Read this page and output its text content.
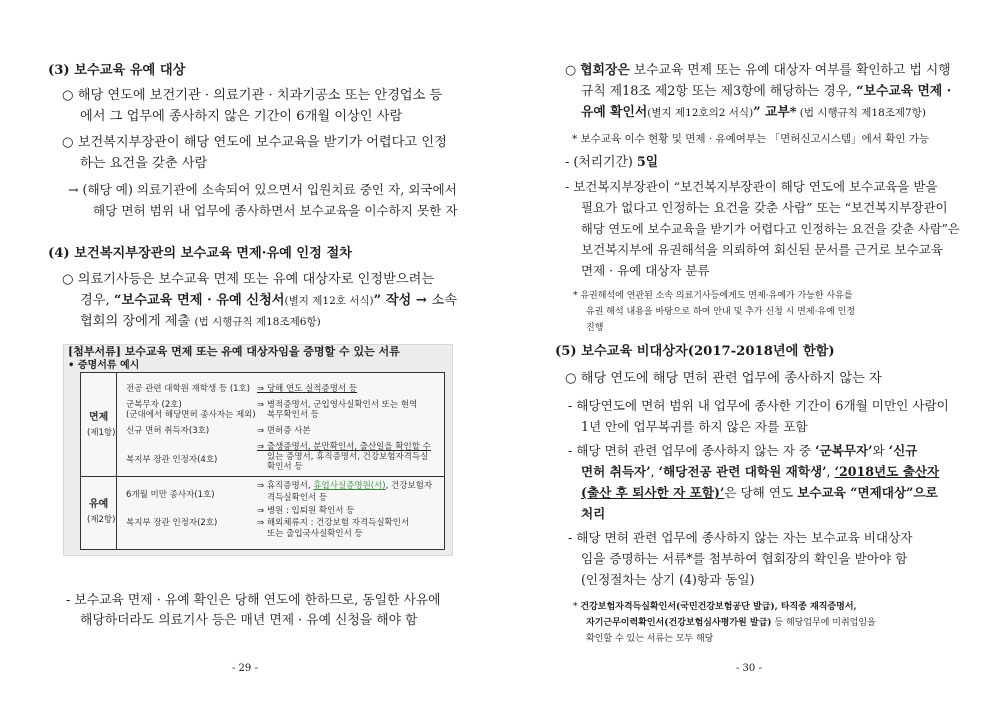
(3) 보수교육 유예 대상
○ 해당 연도에 보건기관 · 의료기관 · 치과기공소 또는 안경업소 등
에서 그 업무에 종사하지 않은 기간이 6개월 이상인 사람
○ 보건복지부장관이 해당 연도에 보수교육을 받기가 어렵다고 인정
하는 요건을 갖춘 사람
→ (해당 예) 의료기관에 소속되어 있으면서 입원치료 중인 자, 외국에서
해당 면허 범위 내 업무에 종사하면서 보수교육을 이수하지 못한 자
(4) 보건복지부장관의 보수교육 면제·유예 인정 절차
○ 의료기사등은 보수교육 면제 또는 유예 대상자로 인정받으려는
경우, “보수교육 면제 · 유예 신청서(별지 제12호 서식)” 작성 → 소속
협회의 장에게 제출 (법 시행규칙 제18조제6항)
[첨부서류] 보수교육 면제 또는 유예 대상자임을 증명할 수 있는 서류
• 증명서류 예시
면제
(제1항)
유예
(제2항)
전공 관련 대학원 재학생 등 (1호) ⇒ 당해 연도 실적증명서 등
군복무자 (2호)
(군대에서 해당면허 종사자는 제외)
⇒ 병적증명서, 군입영사실확인서 또는 현역
복무확인서 등
신규 면허 취득자(3호)	⇒ 면허증 사본
복지부 장관 인정자(4호)
⇒ 출생증명서, 분만확인서, 출산일을 확인할 수
있는 증명서, 휴직증명서, 건강보험자격득실
확인서 등
6개월 미만 종사자(1호)
⇒ 휴직증명서, 휴업사실증명원(서), 건강보험자
격득실확인서 등
복지부 장관 인정자(2호)
⇒ 병원 : 입퇴원 확인서 등
⇒ 해외체류지 : 건강보험 자격득실확인서
또는 출입국사실확인서 등
- 보수교육 면제 · 유예 확인은 당해 연도에 한하므로, 동일한 사유에
해당하더라도 의료기사 등은 매년 면제 · 유예 신청을 해야 함
- 29 -
○ 협회장은 보수교육 면제 또는 유예 대상자 여부를 확인하고 법 시행
규칙 제18조 제2항 또는 제3항에 해당하는 경우, “보수교육 면제 ·
유예 확인서(별지 제12호의2 서식)” 교부* (법 시행규칙 제18조제7항)
* 보수교육 이수 현황 및 면제 · 유예여부는 「면허신고시스템」에서 확인 가능
- (처리기간) 5일
- 보건복지부장관이 “보건복지부장관이 해당 연도에 보수교육을 받을
필요가 없다고 인정하는 요건을 갖춘 사람” 또는 “보건복지부장관이
해당 연도에 보수교육을 받기가 어렵다고 인정하는 요건을 갖춘 사람”은
보건복지부에 유권해석을 의뢰하여 회신된 문서를 근거로 보수교육
면제 · 유예 대상자 분류
* 유권해석에 연관된 소속 의료기사등에게도 면제·유예가 가능한 사유를
유권 해석 내용을 바탕으로 하여 안내 및 추가 신청 시 면제·유예 인정
진행
(5) 보수교육 비대상자(2017-2018년에 한함)
○ 해당 연도에 해당 면허 관련 업무에 종사하지 않는 자
- 해당연도에 면허 범위 내 업무에 종사한 기간이 6개월 미만인 사람이
1년 안에 업무복귀를 하지 않은 자를 포함
- 해당 면허 관련 업무에 종사하지 않는 자 중 ‘군복무자’와 ‘신규
면허 취득자’, ‘해당전공 관련 대학원 재학생’, ‘2018년도 출산자
(출산 후 퇴사한 자 포함)’은 당해 연도 보수교육 “면제대상”으로
처리
- 해당 면허 관련 업무에 종사하지 않는 자는 보수교육 비대상자
임을 증명하는 서류*를 첨부하여 협회장의 확인을 받아야 함
(인정절차는 상기 (4)항과 동일)
* 건강보험자격득실확인서(국민건강보험공단 발급), 타직종 재직증명서,
자기근무이력확인서(건강보험심사평가원 발급) 등 해당업무에 미취업임을
확인할 수 있는 서류는 모두 해당
- 30 -
